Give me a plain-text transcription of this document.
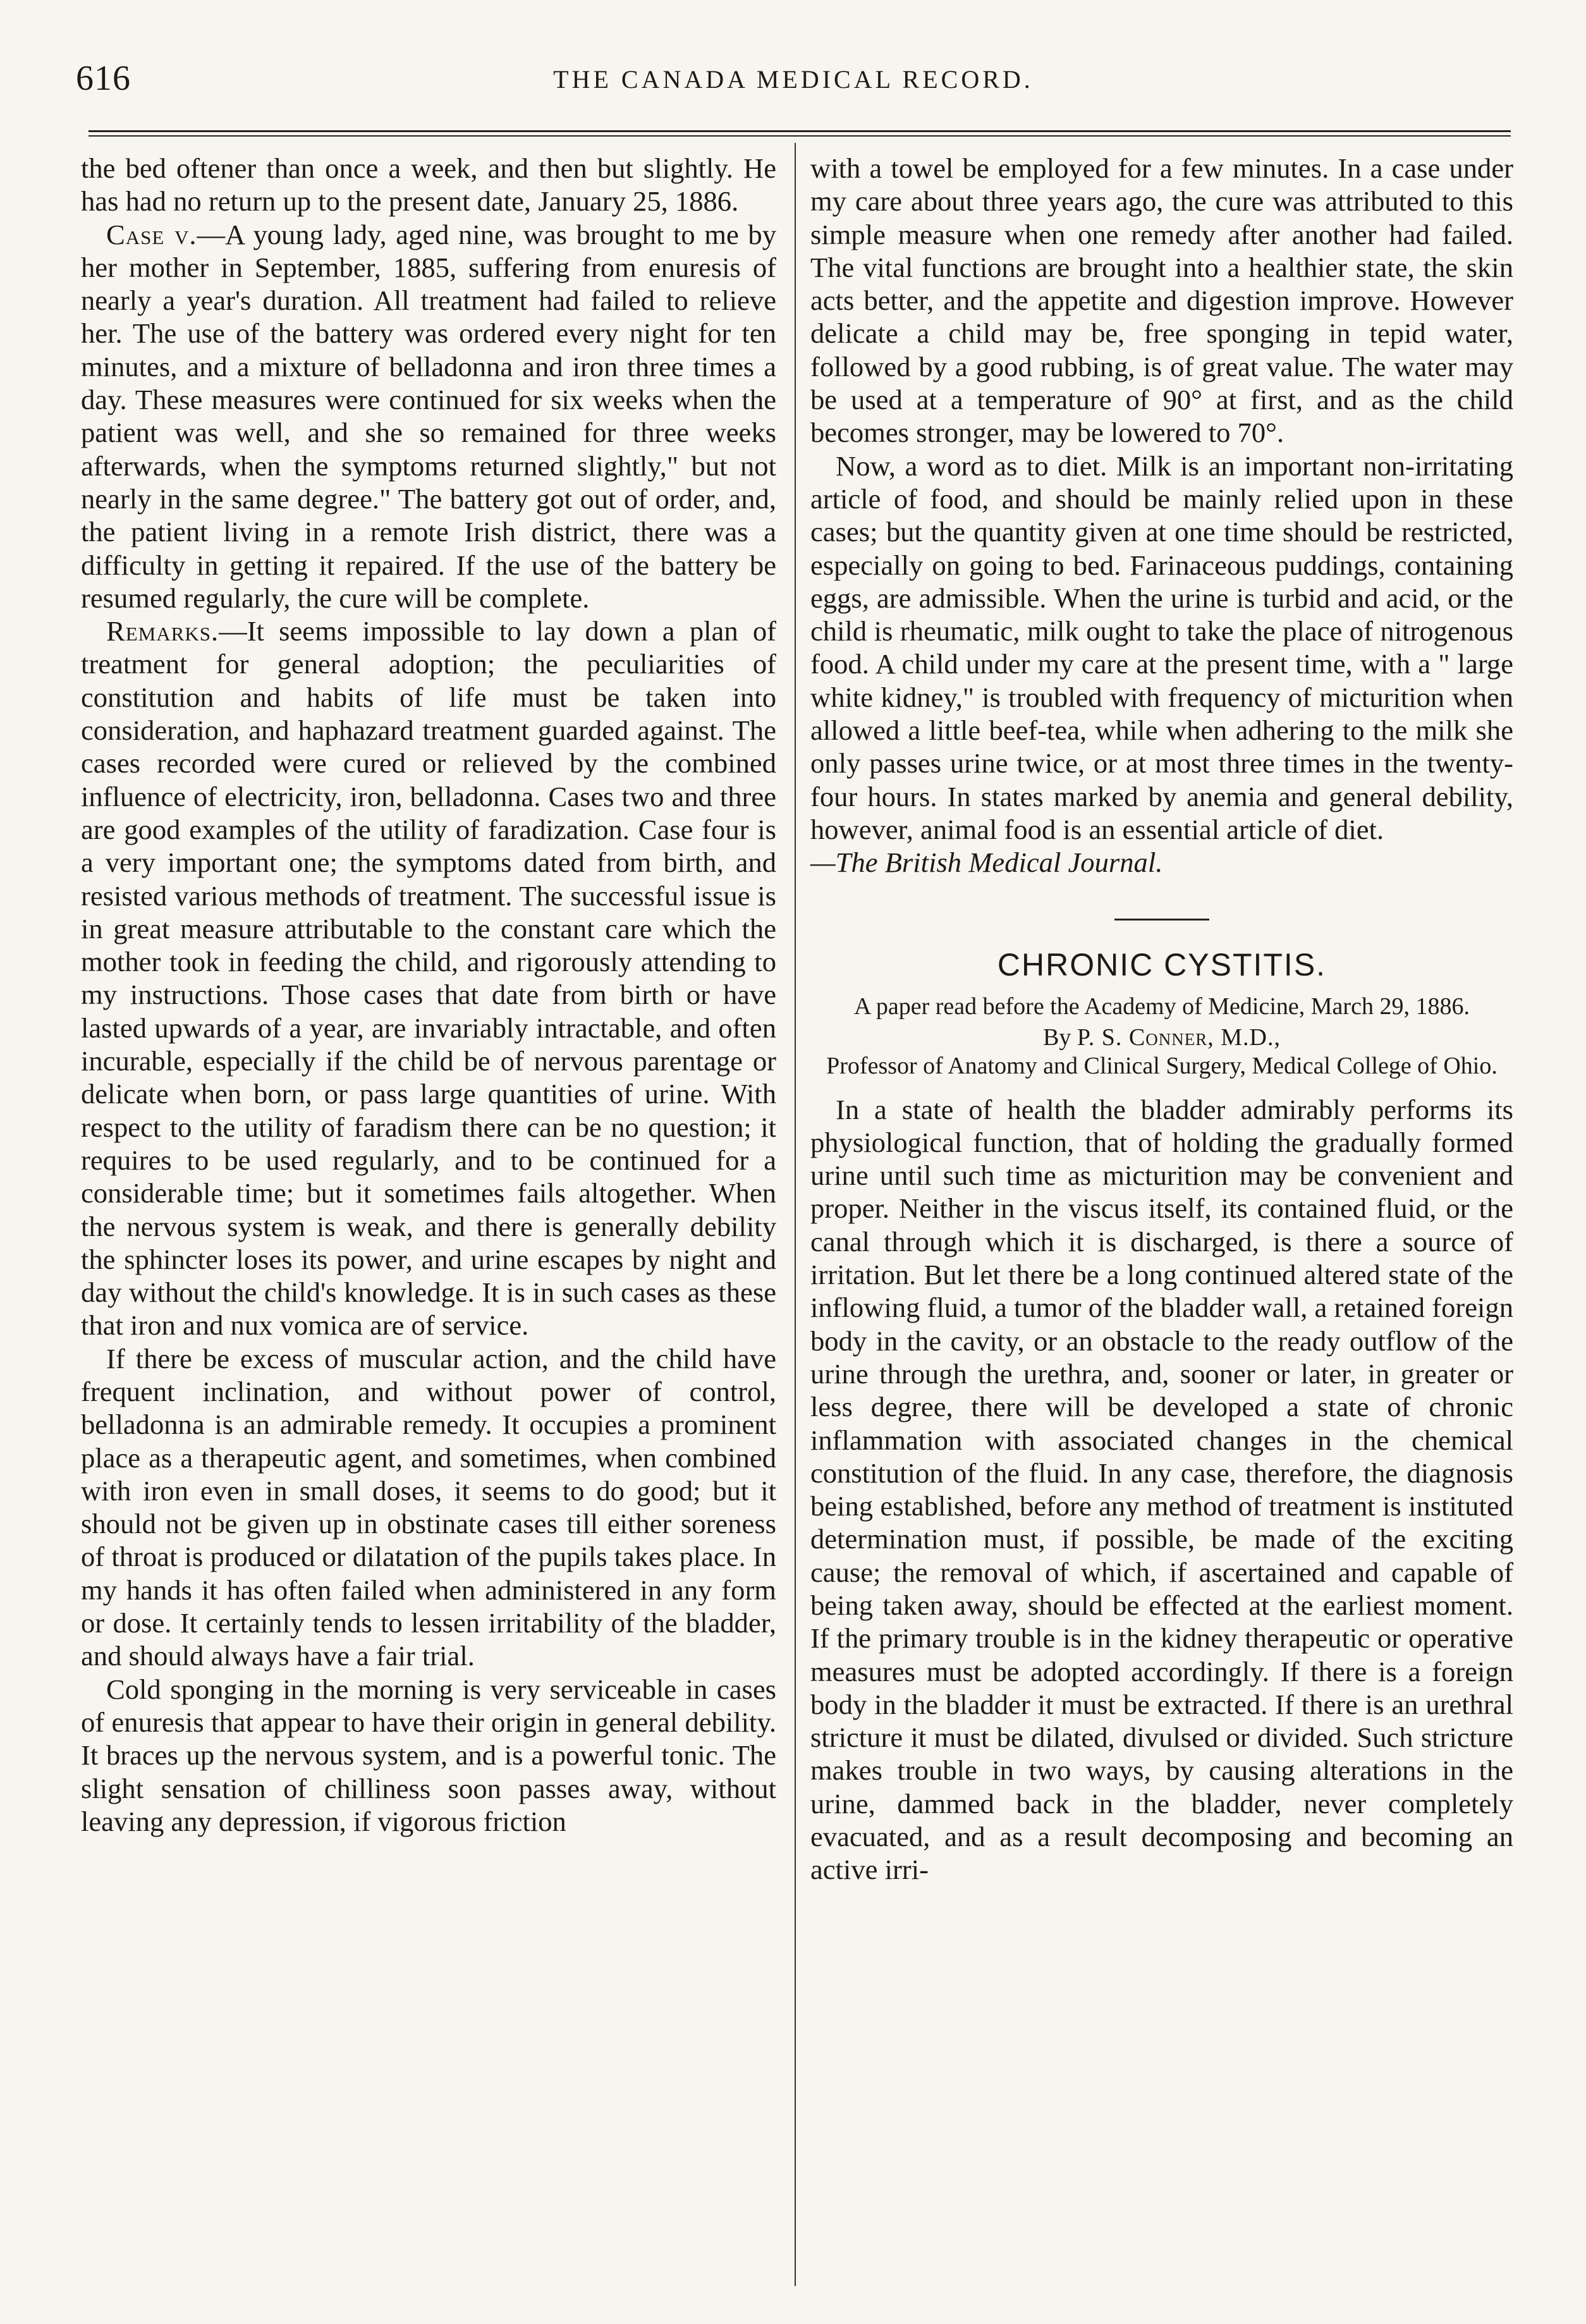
616	THE CANADA MEDICAL RECORD.

the bed oftener than once a week, and then but slightly. He has had no return up to the present date, January 25, 1886.

Case v.—A young lady, aged nine, was brought to me by her mother in September, 1885, suffering from enuresis of nearly a year's duration. All treatment had failed to relieve her. The use of the battery was ordered every night for ten minutes, and a mixture of belladonna and iron three times a day. These measures were continued for six weeks when the patient was well, and she so remained for three weeks afterwards, when the symptoms returned slightly," but not nearly in the same degree." The battery got out of order, and, the patient living in a remote Irish district, there was a difficulty in getting it repaired. If the use of the battery be resumed regularly, the cure will be complete.

Remarks.—It seems impossible to lay down a plan of treatment for general adoption; the peculiarities of constitution and habits of life must be taken into consideration, and haphazard treatment guarded against. The cases recorded were cured or relieved by the combined influence of electricity, iron, belladonna. Cases two and three are good examples of the utility of faradization. Case four is a very important one; the symptoms dated from birth, and resisted various methods of treatment. The successful issue is in great measure attributable to the constant care which the mother took in feeding the child, and rigorously attending to my instructions. Those cases that date from birth or have lasted upwards of a year, are invariably intractable, and often incurable, especially if the child be of nervous parentage or delicate when born, or pass large quantities of urine. With respect to the utility of faradism there can be no question; it requires to be used regularly, and to be continued for a considerable time; but it sometimes fails altogether. When the nervous system is weak, and there is generally debility the sphincter loses its power, and urine escapes by night and day without the child's knowledge. It is in such cases as these that iron and nux vomica are of service.

If there be excess of muscular action, and the child have frequent inclination, and without power of control, belladonna is an admirable remedy. It occupies a prominent place as a therapeutic agent, and sometimes, when combined with iron even in small doses, it seems to do good; but it should not be given up in obstinate cases till either soreness of throat is produced or dilatation of the pupils takes place. In my hands it has often failed when administered in any form or dose. It certainly tends to lessen irritability of the bladder, and should always have a fair trial.

Cold sponging in the morning is very serviceable in cases of enuresis that appear to have their origin in general debility. It braces up the nervous system, and is a powerful tonic. The slight sensation of chilliness soon passes away, without leaving any depression, if vigorous friction

with a towel be employed for a few minutes. In a case under my care about three years ago, the cure was attributed to this simple measure when one remedy after another had failed. The vital functions are brought into a healthier state, the skin acts better, and the appetite and digestion improve. However delicate a child may be, free sponging in tepid water, followed by a good rubbing, is of great value. The water may be used at a temperature of 90° at first, and as the child becomes stronger, may be lowered to 70°.

Now, a word as to diet. Milk is an important non-irritating article of food, and should be mainly relied upon in these cases; but the quantity given at one time should be restricted, especially on going to bed. Farinaceous puddings, containing eggs, are admissible. When the urine is turbid and acid, or the child is rheumatic, milk ought to take the place of nitrogenous food. A child under my care at the present time, with a " large white kidney," is troubled with frequency of micturition when allowed a little beef-tea, while when adhering to the milk she only passes urine twice, or at most three times in the twenty-four hours. In states marked by anemia and general debility, however, animal food is an essential article of diet.

—The British Medical Journal.

CHRONIC CYSTITIS.

A paper read before the Academy of Medicine, March 29, 1886.

By P. S. Conner, M.D.,

Professor of Anatomy and Clinical Surgery, Medical College of Ohio.

In a state of health the bladder admirably performs its physiological function, that of holding the gradually formed urine until such time as micturition may be convenient and proper. Neither in the viscus itself, its contained fluid, or the canal through which it is discharged, is there a source of irritation. But let there be a long continued altered state of the inflowing fluid, a tumor of the bladder wall, a retained foreign body in the cavity, or an obstacle to the ready outflow of the urine through the urethra, and, sooner or later, in greater or less degree, there will be developed a state of chronic inflammation with associated changes in the chemical constitution of the fluid. In any case, therefore, the diagnosis being established, before any method of treatment is instituted determination must, if possible, be made of the exciting cause; the removal of which, if ascertained and capable of being taken away, should be effected at the earliest moment. If the primary trouble is in the kidney therapeutic or operative measures must be adopted accordingly. If there is a foreign body in the bladder it must be extracted. If there is an urethral stricture it must be dilated, divulsed or divided. Such stricture makes trouble in two ways, by causing alterations in the urine, dammed back in the bladder, never completely evacuated, and as a result decomposing and becoming an active irri-
